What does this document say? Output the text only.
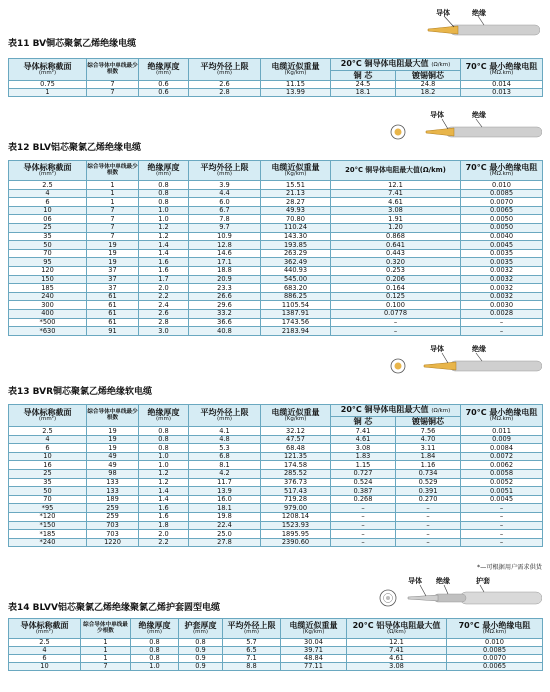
导体	绝缘
表11 BV铜芯聚氯乙烯绝缘电缆
导体标称截面
(mm²)	综合导体中单线最少根数	绝缘厚度
(mm)	平均外径上限
(mm)	电缆近似重量
(Kg/km)	20°C 铜导体电阻最大值 (Ω/km)		70°C 最小绝缘电阻
(MΩ.km)

					铜 芯	镀锡铜芯	
0.75	7	0.6	2.6	11.15	24.5	24.8	0.014
1	7	0.6	2.8	13.99	18.1	18.2	0.013
导体	绝缘
表12 BLV铝芯聚氯乙烯绝缘电缆
导体标称截面
(mm²)	综合导体中单线最少根数	绝缘厚度
(mm)	平均外径上限
(mm)	电缆近似重量
(Kg/km)	20°C 铜导体电阻最大值(Ω/km)	70°C 最小绝缘电阻
(MΩ.km)

2.5	1	0.8	3.9	15.51	12.1	0.010
4	1	0.8	4.4	21.13	7.41	0.0085
6	1	0.8	6.0	28.27	4.61	0.0070
10	7	1.0	6.7	49.93	3.08	0.0065
06	7	1.0	7.8	70.80	1.91	0.0050
25	7	1.2	9.7	110.24	1.20	0.0050
35	7	1.2	10.9	143.30	0.868	0.0040
50	19	1.4	12.8	193.85	0.641	0.0045
70	19	1.4	14.6	263.29	0.443	0.0035
95	19	1.6	17.1	362.49	0.320	0.0035
120	37	1.6	18.8	440.93	0.253	0.0032
150	37	1.7	20.9	545.00	0.206	0.0032
185	37	2.0	23.3	683.20	0.164	0.0032
240	61	2.2	26.6	886.25	0.125	0.0032
300	61	2.4	29.6	1105.54	0.100	0.0030
400	61	2.6	33.2	1387.91	0.0778	0.0028
*500	61	2.8	36.6	1743.56	–	–
*630	91	3.0	40.8	2183.94	–	–
导体	绝缘
表13 BVR铜芯聚氯乙烯绝缘软电缆
导体标称截面
(mm²)	综合导体中单线最少根数	绝缘厚度
(mm)	平均外径上限
(mm)	电缆近似重量
(Kg/km)	20°C 铜导体电阻最大值 (Ω/km)		70°C 最小绝缘电阻
(MΩ.km)

					铜 芯	镀锡铜芯	
2.5	19	0.8	4.1	32.12	7.41	7.56	0.011
4	19	0.8	4.8	47.57	4.61	4.70	0.009
6	19	0.8	5.3	68.48	3.08	3.11	0.0084
10	49	1.0	6.8	121.35	1.83	1.84	0.0072
16	49	1.0	8.1	174.58	1.15	1.16	0.0062
25	98	1.2	4.2	285.52	0.727	0.734	0.0058
35	133	1.2	11.7	376.73	0.524	0.529	0.0052
50	133	1.4	13.9	517.43	0.387	0.391	0.0051
70	189	1.4	16.0	719.28	0.268	0.270	0.0045
*95	259	1.6	18.1	979.00	–	–	–
*120	259	1.6	19.8	1208.14	–	–	–
*150	703	1.8	22.4	1523.93	–	–	–
*185	703	2.0	25.0	1895.95	–	–	–
*240	1220	2.2	27.8	2390.60	–	–	–
*—可根据用户需求供货
导体 绝缘	护套
表14 BLVV铝芯聚氯乙烯绝缘聚氯乙烯护套圆型电缆
导体标称截面
(mm²)	综合导体中单线最少根数	绝缘厚度
(mm)	护套厚度
(mm)	平均外径上限
(mm)	电缆近似重量
(Kg/km)	20°C 铝导体电阻最大值
(Ω/km)	70°C 最小绝缘电阻
(MΩ.km)

2.5	1	0.8	0.8	5.7	30.04	12.1	0.010
4	1	0.8	0.9	6.5	39.71	7.41	0.0085
6	1	0.8	0.9	7.1	48.84	4.61	0.0070
10	7	1.0	0.9	8.8	77.11	3.08	0.0065
